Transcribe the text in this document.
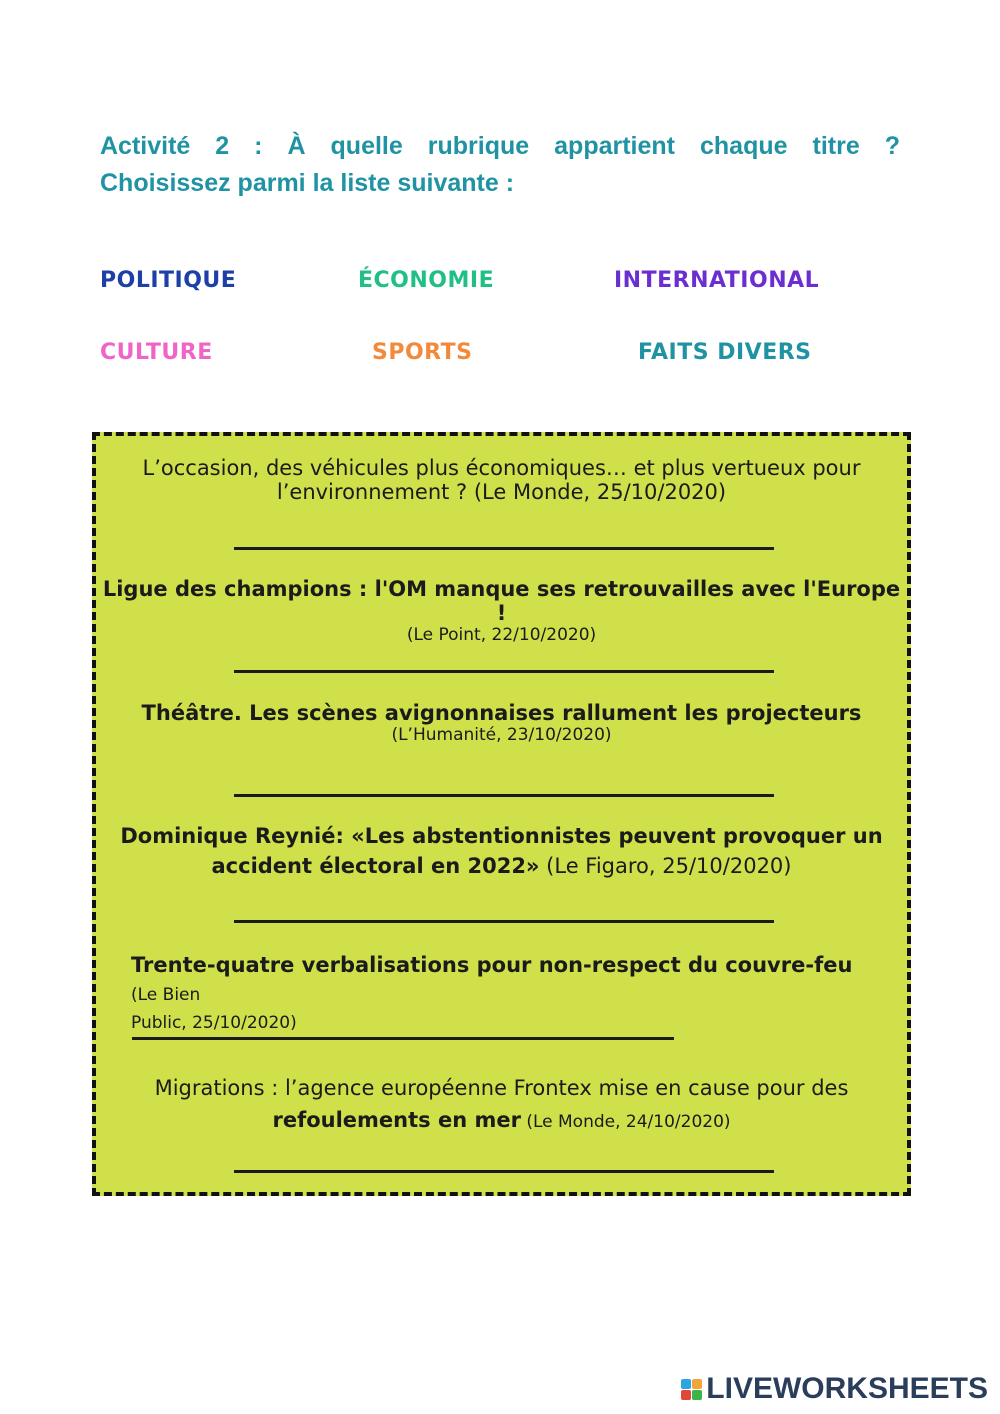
Activité 2 : À quelle rubrique appartient chaque titre ?
Choisissez parmi la liste suivante :

POLITIQUE	ÉCONOMIE	INTERNATIONAL
CULTURE	SPORTS	FAITS DIVERS
L’occasion, des véhicules plus économiques… et plus vertueux pour l’environnement ? (Le Monde, 25/10/2020)
Ligue des champions : l'OM manque ses retrouvailles avec l'Europe !
(Le Point, 22/10/2020)
Théâtre. Les scènes avignonnaises rallument les projecteurs
(L’Humanité, 23/10/2020)
Dominique Reynié: «Les abstentionnistes peuvent provoquer un
accident électoral en 2022» (Le Figaro, 25/10/2020)
Trente-quatre verbalisations pour non-respect du couvre-feu (Le Bien
Public, 25/10/2020)
Migrations : l’agence européenne Frontex mise en cause pour des
refoulements en mer (Le Monde, 24/10/2020)
LIVEWORKSHEETS
